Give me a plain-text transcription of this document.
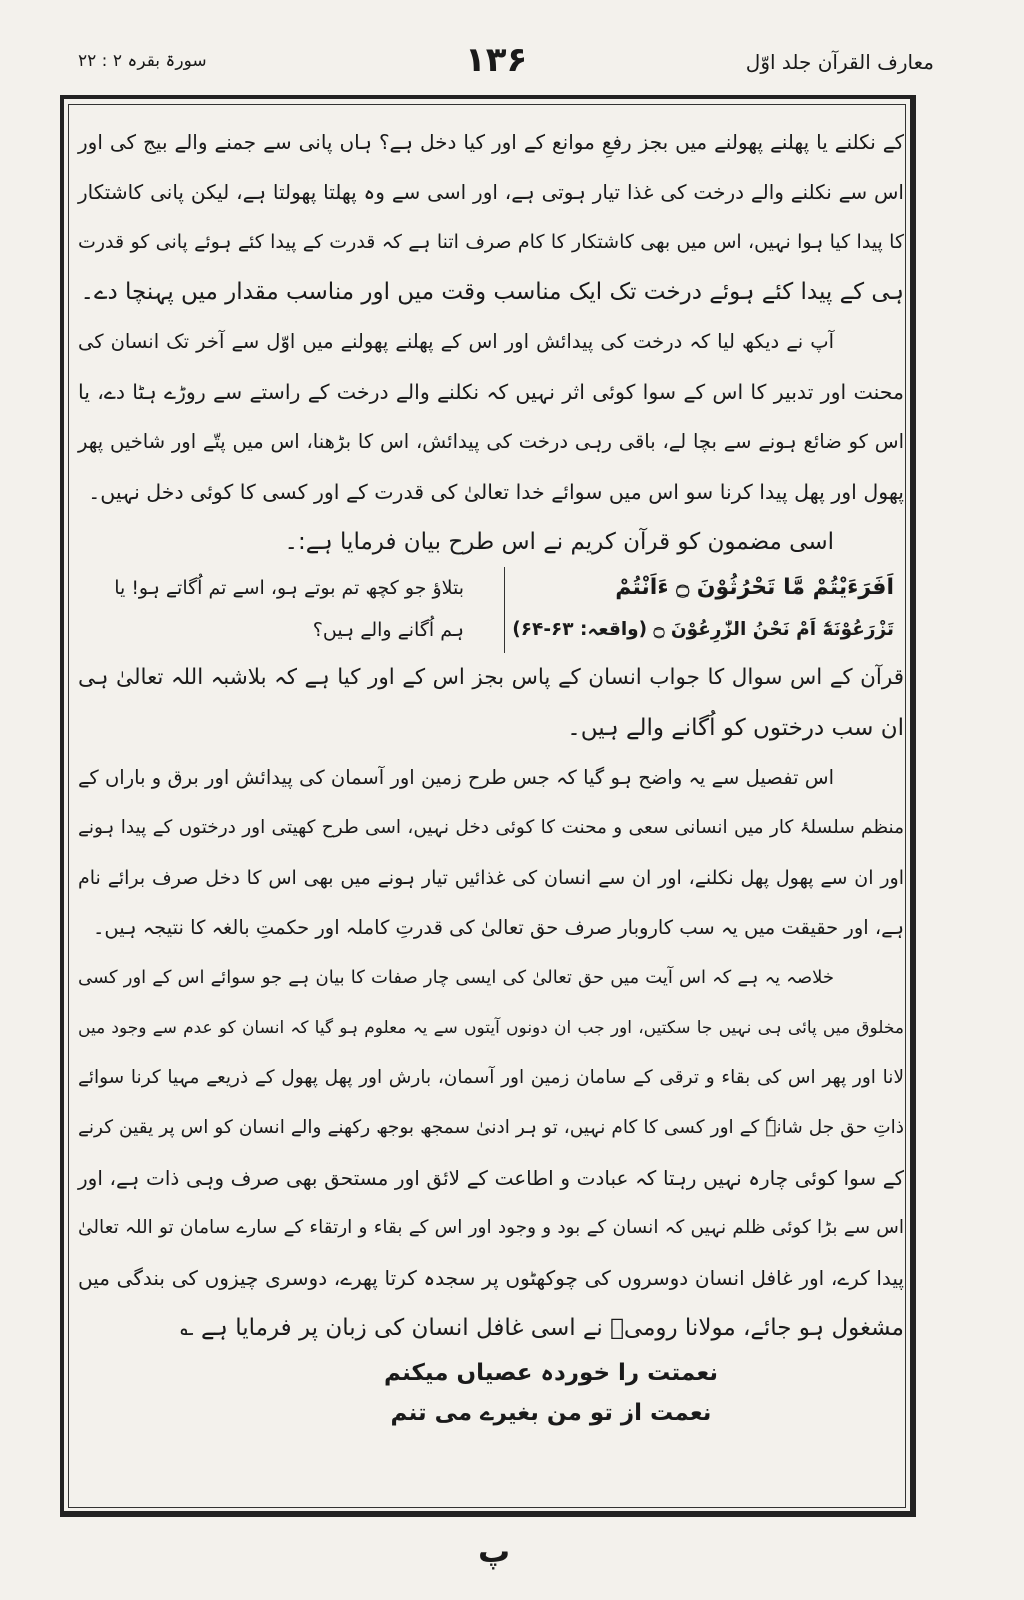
معارف القرآن جلد اوّل
۱۳۶
سورۃ بقرہ ۲ : ۲۲
کے نکلنے یا پھلنے پھولنے میں بجز رفعِ موانع کے اور کیا دخل ہے؟ ہاں پانی سے جمنے والے بیج کی اور
اس سے نکلنے والے درخت کی غذا تیار ہوتی ہے، اور اسی سے وہ پھلتا پھولتا ہے، لیکن پانی کاشتکار
کا پیدا کیا ہوا نہیں، اس میں بھی کاشتکار کا کام صرف اتنا ہے کہ قدرت کے پیدا کئے ہوئے پانی کو قدرت
ہی کے پیدا کئے ہوئے درخت تک ایک مناسب وقت میں اور مناسب مقدار میں پہنچا دے۔
آپ نے دیکھ لیا کہ درخت کی پیدائش اور اس کے پھلنے پھولنے میں اوّل سے آخر تک انسان کی
محنت اور تدبیر کا اس کے سوا کوئی اثر نہیں کہ نکلنے والے درخت کے راستے سے روڑے ہٹا دے، یا
اس کو ضائع ہونے سے بچا لے، باقی رہی درخت کی پیدائش، اس کا بڑھنا، اس میں پتّے اور شاخیں پھر
پھول اور پھل پیدا کرنا سو اس میں سوائے خدا تعالیٰ کی قدرت کے اور کسی کا کوئی دخل نہیں۔
اسی مضمون کو قرآن کریم نے اس طرح بیان فرمایا ہے:۔
اَفَرَءَيْتُمْ مَّا تَحْرُثُوْنَ ۝ ءَاَنْتُمْ
تَزْرَعُوْنَهٗٓ اَمْ نَحْنُ الزّٰرِعُوْنَ ۝ (واقعہ: ۶۳-۶۴)
بتلاؤ جو کچھ تم بوتے ہو، اسے تم اُگاتے ہو! یا
ہم اُگانے والے ہیں؟
قرآن کے اس سوال کا جواب انسان کے پاس بجز اس کے اور کیا ہے کہ بلاشبہ اللہ تعالیٰ ہی
ان سب درختوں کو اُگانے والے ہیں۔
اس تفصیل سے یہ واضح ہو گیا کہ جس طرح زمین اور آسمان کی پیدائش اور برق و باراں کے
منظم سلسلۂ کار میں انسانی سعی و محنت کا کوئی دخل نہیں، اسی طرح کھیتی اور درختوں کے پیدا ہونے
اور ان سے پھول پھل نکلنے، اور ان سے انسان کی غذائیں تیار ہونے میں بھی اس کا دخل صرف برائے نام
ہے، اور حقیقت میں یہ سب کاروبار صرف حق تعالیٰ کی قدرتِ کاملہ اور حکمتِ بالغہ کا نتیجہ ہیں۔
خلاصہ یہ ہے کہ اس آیت میں حق تعالیٰ کی ایسی چار صفات کا بیان ہے جو سوائے اس کے اور کسی
مخلوق میں پائی ہی نہیں جا سکتیں، اور جب ان دونوں آیتوں سے یہ معلوم ہو گیا کہ انسان کو عدم سے وجود میں
لانا اور پھر اس کی بقاء و ترقی کے سامان زمین اور آسمان، بارش اور پھل پھول کے ذریعے مہیا کرنا سوائے
ذاتِ حق جل شانہٗ کے اور کسی کا کام نہیں، تو ہر ادنیٰ سمجھ بوجھ رکھنے والے انسان کو اس پر یقین کرنے
کے سوا کوئی چارہ نہیں رہتا کہ عبادت و اطاعت کے لائق اور مستحق بھی صرف وہی ذات ہے، اور
اس سے بڑا کوئی ظلم نہیں کہ انسان کے بود و وجود اور اس کے بقاء و ارتقاء کے سارے سامان تو اللہ تعالیٰ
پیدا کرے، اور غافل انسان دوسروں کی چوکھٹوں پر سجدہ کرتا پھرے، دوسری چیزوں کی بندگی میں
مشغول ہو جائے، مولانا رومیؒ نے اسی غافل انسان کی زبان پر فرمایا ہے ؎
نعمتت را خوردہ عصیاں میکنم
نعمت از تو من بغیرے می تنم
پ
